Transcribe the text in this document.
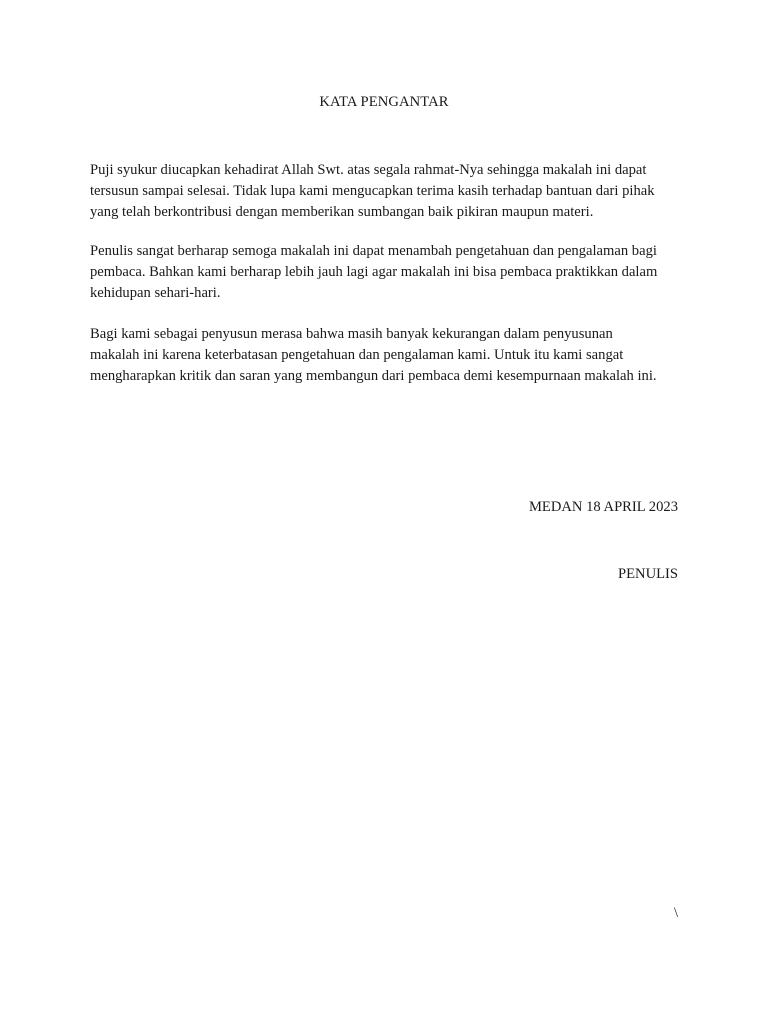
KATA PENGANTAR

Puji syukur diucapkan kehadirat Allah Swt. atas segala rahmat-Nya sehingga makalah ini dapat
tersusun sampai selesai. Tidak lupa kami mengucapkan terima kasih terhadap bantuan dari pihak
yang telah berkontribusi dengan memberikan sumbangan baik pikiran maupun materi.

Penulis sangat berharap semoga makalah ini dapat menambah pengetahuan dan pengalaman bagi
pembaca. Bahkan kami berharap lebih jauh lagi agar makalah ini bisa pembaca praktikkan dalam
kehidupan sehari-hari.

Bagi kami sebagai penyusun merasa bahwa masih banyak kekurangan dalam penyusunan
makalah ini karena keterbatasan pengetahuan dan pengalaman kami. Untuk itu kami sangat
mengharapkan kritik dan saran yang membangun dari pembaca demi kesempurnaan makalah ini.

MEDAN 18 APRIL 2023
PENULIS
\
